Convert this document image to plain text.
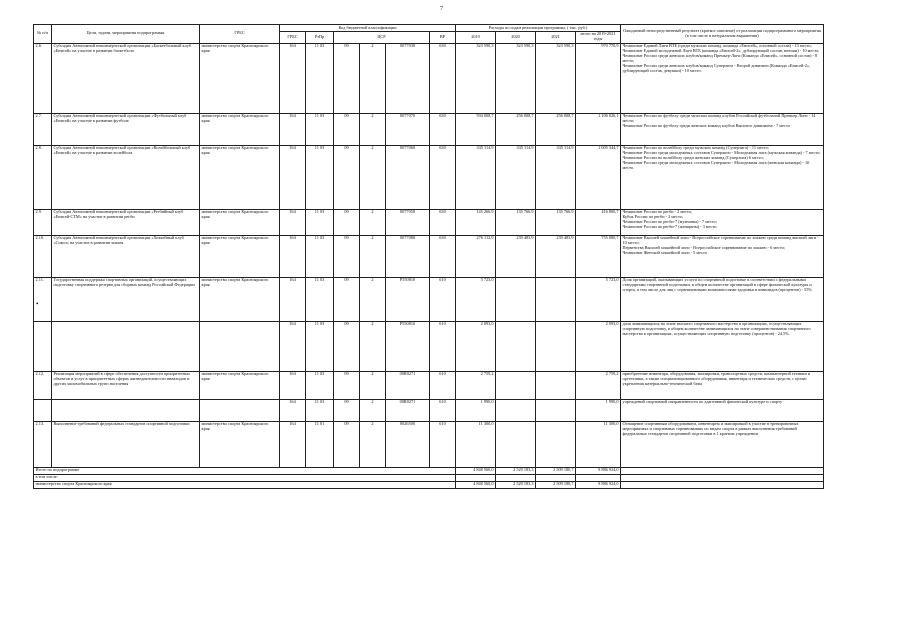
7
•
№ п/п	Цели, задачи, мероприятия подпрограммы	ГРБС	Код бюджетной классификации						Расходы по годам реализации программы, ( тыс. руб.)				Ожидаемый непосредственный результат (краткое описание) от реализации подпрограммного мероприятия (в том числе в натуральном выражении)
			ГРБС	РзПр	ЦСР			ВР	2019	2020	2021	итого на 2019-2021 годы	
2.6.	Субсидия Автономной некоммерческой организации «Баскетбольный клуб «Енисей» на участие в развитии баскетбола	министерство спорта Красноярского края	164	11 03	09	2	0077030	630	323 590,3	323 590,3	323 590,3	970 770,9	Чемпионат Единой Лиги ВТБ (среди мужских команд, команда «Енисей», основной состав) - 13 место;
Чемпионат Единой молодежной Лиги ВТБ (команда «Енисей-2», дублирующий состав, юноши) - 10 место;
Чемпионат России среди женских клубов/команд Премьер-Лиги (Команда «Енисей», основной состав) - 8 место;
Чемпионат России среди женских клубов/команд Суперлига - Второй дивизион (Команда «Енисей-2», дублирующий состав, девушки) - 10 место.

2.7.	Субсидия Автономной некоммерческой организации «Футбольный клуб «Енисей» на участие в развитии футбола	министерство спорта Красноярского края	164	11 03	09	2	0077070	630	594 008,7	256 008,7	256 008,7	1 106 026,1	Чемпионат России по футболу среди мужских команд клубов Российской футбольной Премьер Лиги - 14 место;
Чемпионат России по футболу среди женских команд клубов Высшего дивизиона - 7 место

2.8.	Субсидия Автономной некоммерческой организации «Волейбольный клуб «Енисей» на участие в развитии волейбола	министерство спорта Красноярского края	164	11 03	09	2	0077060	630	335 114,9	335 114,9	335 114,9	1 005 344,7	Чемпионат России по волейболу среди мужских команд (Суперлига) - 11 место;
Чемпионат России среди молодежных составов Суперлиги - Молодежная лига (мужская команда) - 7 место;
Чемпионат России по волейболу среди женских команд (Суперлига) 6 место;
Чемпионат России среди молодежных составов Суперлиги - Молодежная лига (женская команда) - 10 место.

2.9.	Субсидия Автономной некоммерческой организации «Регбийный клуб «Енисей-СТМ» на участие в развитии регби	министерство спорта Красноярского края	164	11 03	09	2	0077050	630	145 266,9	135 766,9	135 766,9	416 800,7	Чемпионат России по регби - 2 место;
Кубок России по регби - 2 место;
Чемпионат России по регби-7 (мужчины) - 7 место;
Чемпионат России по регби-7 (женщины) - 3 место.

2.10.	Субсидия Автономной некоммерческой организации «Хоккейный клуб «Сокол» на участие в развитии хоккея	министерство спорта Красноярского края	164	11 03	09	2	0077080	630	276 112,9	239 483,9	239 483,9	755 080,7	Чемпионат Высшей хоккейной лиги - Всероссийское соревнование по хоккею среди команд высшей лиги - 10 место;
Первенства Высшей хоккейной лиги - Всероссийское соревнование по хоккею - 6 место;
Чемпионат Женской хоккейной лиги - 5 место

2.11.	Государственная поддержка спортивных организаций, осуществляющих подготовку спортивного резерва для сборных команд Российской Федерации	министерство спорта Красноярского края	164	11 03	09	2	Р550810	610	5 723,0			5 723,0	Доля организаций, оказывающих услуги по спортивной подготовке в соответствии с федеральными стандартами спортивной подготовки, в общем количестве организаций в сфере физической культуры и спорта, в том числе для лиц с ограниченными возможностями здоровья и инвалидов (процентов) - 55%

			164	11 03	09	2	Р550810	610	2 093,0			2 093,0	доля занимающихся на этапе высшего спортивного мастерства в организациях, осуществляющих спортивную подготовку, в общем количестве занимающихся на этапе совершенствования спортивного мастерства в организациях, осуществляющих спортивную подготовку (процентов) - 24,5%.

2.12.	Реализация мероприятий в сфере обеспечения доступности приоритетных объектов и услуг в приоритетных сферах жизнедеятельности инвалидов и других маломобильных групп населения	министерство спорта Красноярского края	164	11 03	09	2	00R0271	610	2 759,2			2 759,2	приобретение инвентаря, оборудования, экипировки, транспортных средств, компьютерной техники и оргтехники, а также специализированного оборудования, инвентаря и технических средств, с целью укрепления материально-технической базы

			164	11 03	09	2	00R0271	610	1 990,0			1 990,0	учреждений спортивной направленности по адаптивной физической культуре и спорту

2.13.	Выполнение требований федеральных стандартов спортивной подготовки	министерство спорта Красноярского края	164	11 01	09	2	0026500	610	11 300,0			11 300,0	Оснащение спортивным оборудованием, инвентарем и экипировкой в участие в тренировочных мероприятиях и спортивных соревнованиях по видам спорта в рамках выполнения требований федеральных стандартов спортивной подготовки в 1 краевом учреждении

Итого по подпрограмме									4 848 560,0	2 529 183,3	2 509 180,7	9 886 924,0	
в том числе:													
министерство спорта Красноярского края									4 848 560,0	2 529 183,3	2 509 180,7	9 886 924,0	
